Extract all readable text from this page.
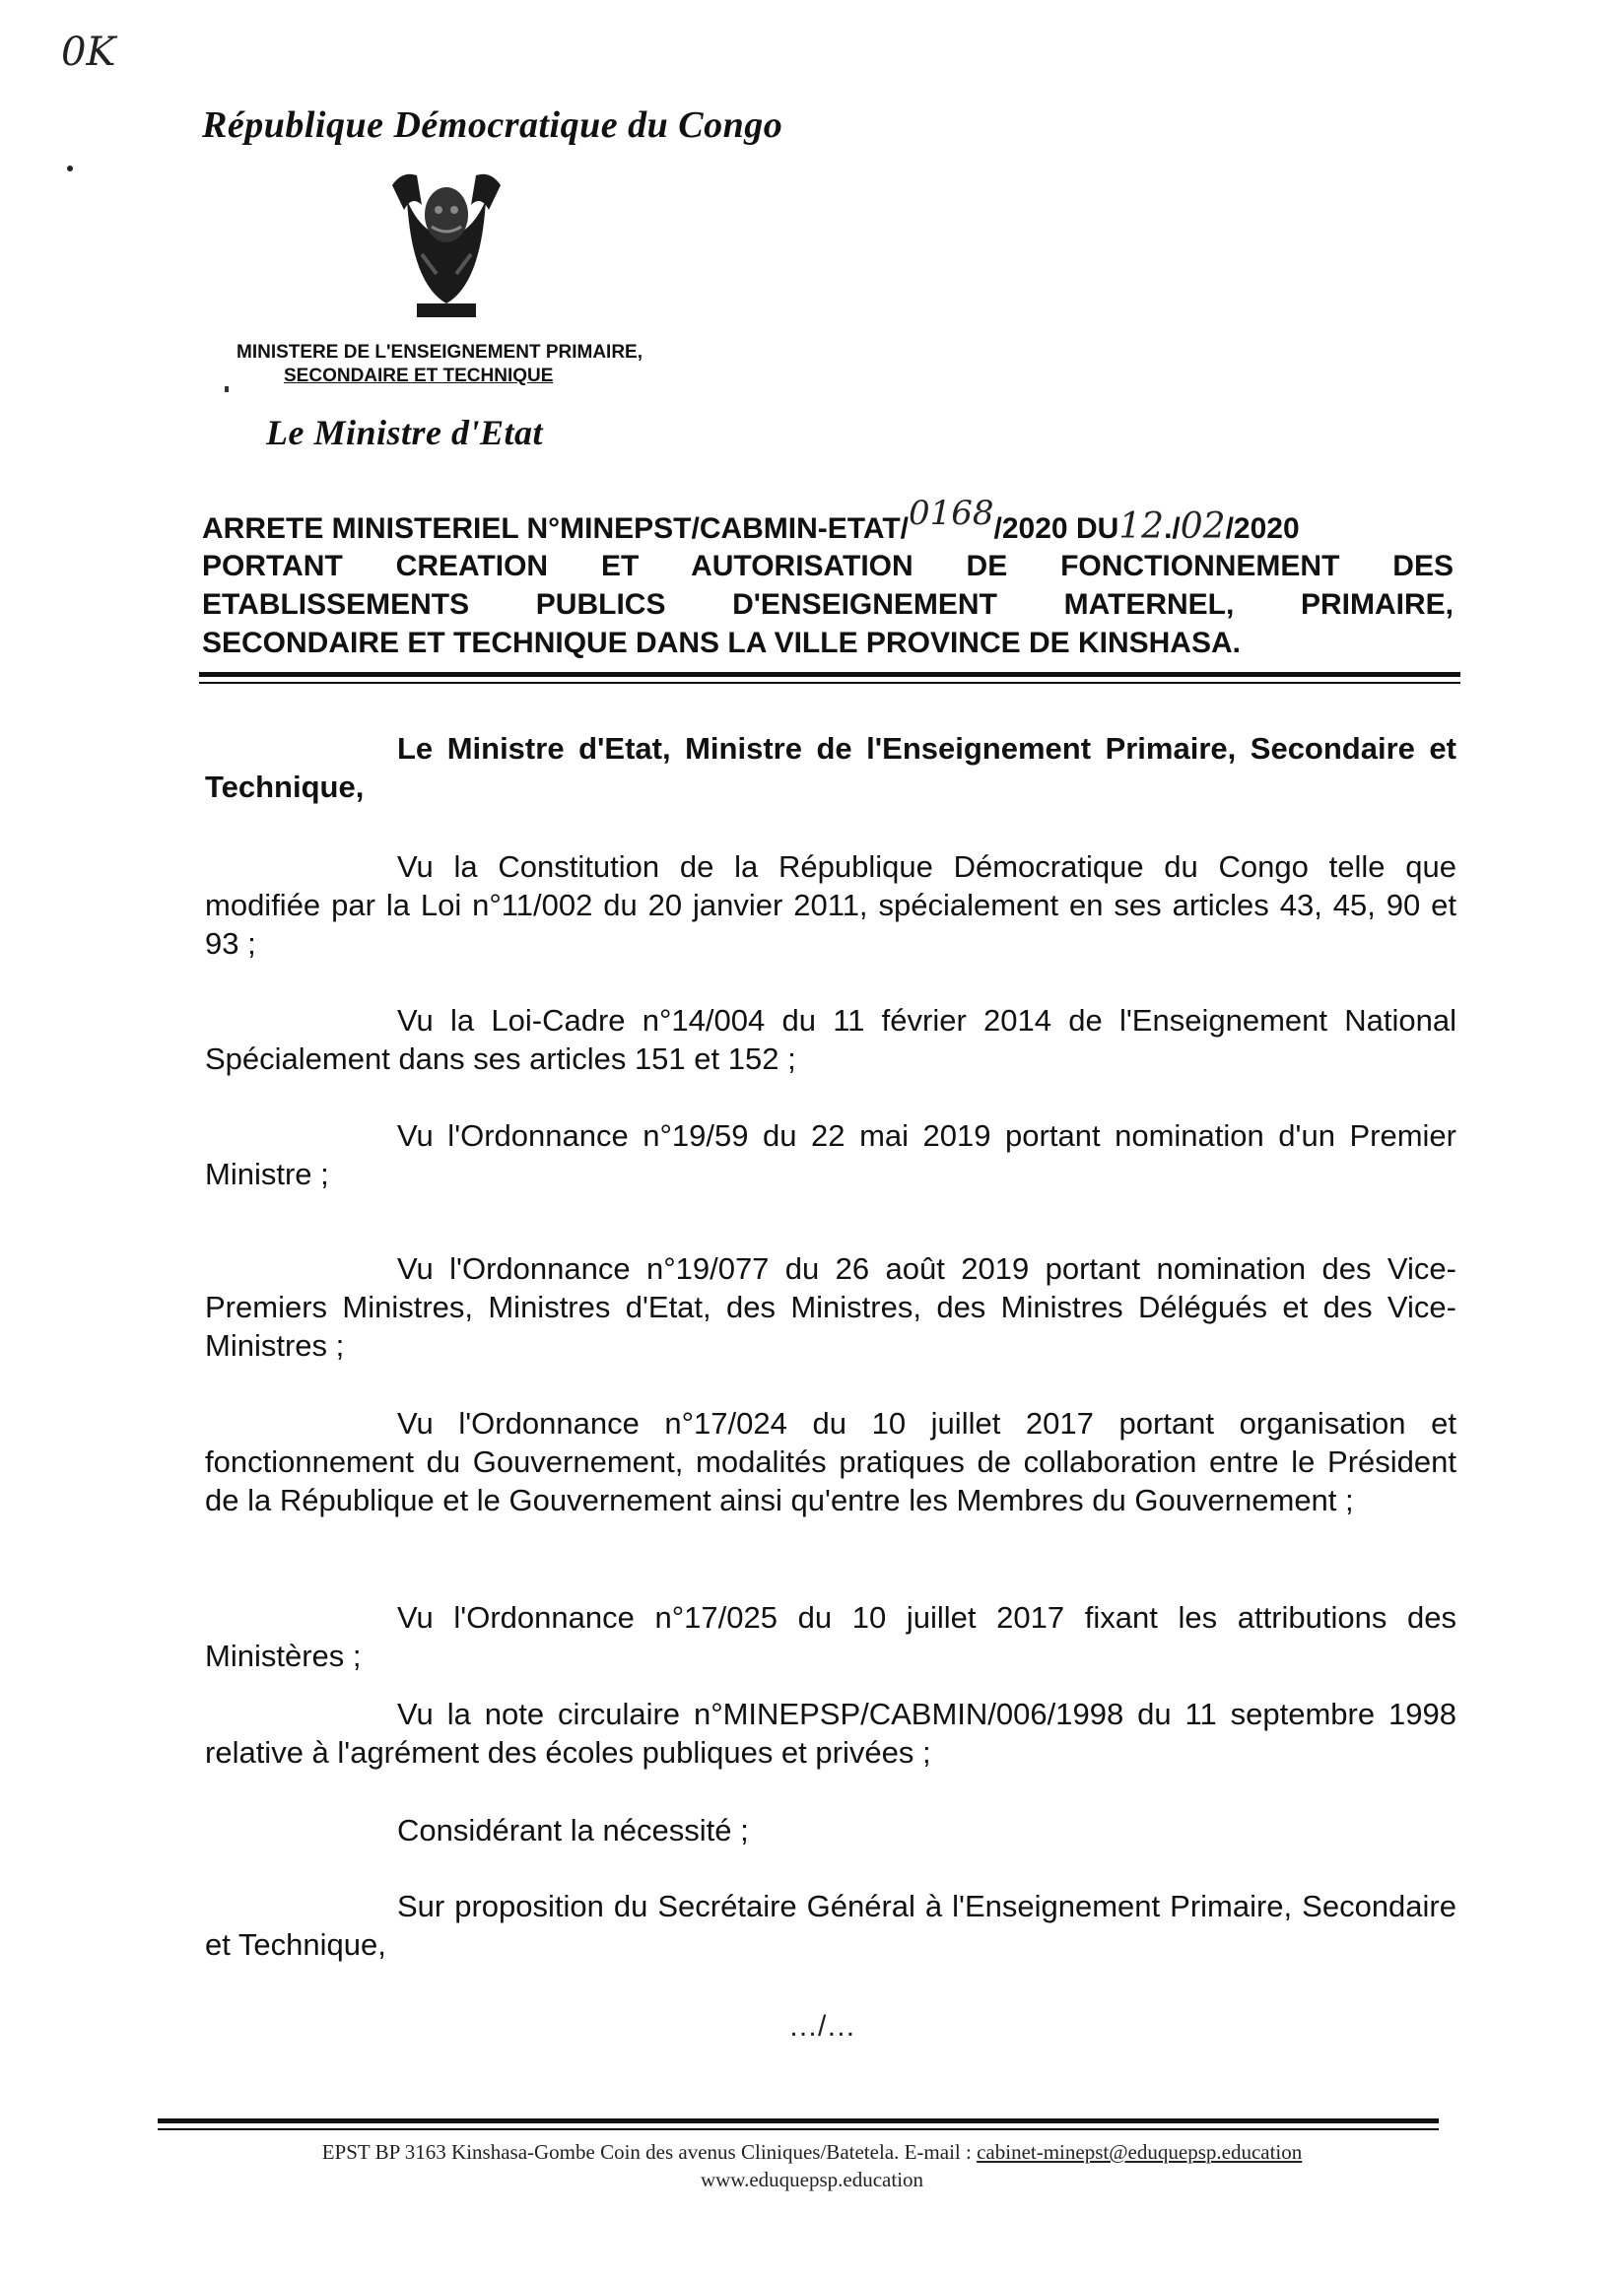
0K
République Démocratique du Congo
MINISTERE DE L'ENSEIGNEMENT PRIMAIRE,
SECONDAIRE ET TECHNIQUE
Le Ministre d'Etat
ARRETE MINISTERIEL N°MINEPST/CABMIN-ETAT/0168/2020 DU12./02/2020
PORTANT CREATION ET AUTORISATION DE FONCTIONNEMENT DES
ETABLISSEMENTS PUBLICS D'ENSEIGNEMENT MATERNEL, PRIMAIRE,
SECONDAIRE ET TECHNIQUE DANS LA VILLE PROVINCE DE KINSHASA.
Le Ministre d'Etat, Ministre de l'Enseignement Primaire, Secondaire et Technique,
Vu la Constitution de la République Démocratique du Congo telle que modifiée par la Loi n°11/002 du 20 janvier 2011, spécialement en ses articles 43, 45, 90 et 93 ;
Vu la Loi-Cadre n°14/004 du 11 février 2014 de l'Enseignement National Spécialement dans ses articles 151 et 152 ;
Vu l'Ordonnance n°19/59 du 22 mai 2019 portant nomination d'un Premier Ministre ;
Vu l'Ordonnance n°19/077 du 26 août 2019 portant nomination des Vice-Premiers Ministres, Ministres d'Etat, des Ministres, des Ministres Délégués et des Vice-Ministres ;
Vu l'Ordonnance n°17/024 du 10 juillet 2017 portant organisation et fonctionnement du Gouvernement, modalités pratiques de collaboration entre le Président de la République et le Gouvernement ainsi qu'entre les Membres du Gouvernement ;
Vu l'Ordonnance n°17/025 du 10 juillet 2017 fixant les attributions des Ministères ;
Vu la note circulaire n°MINEPSP/CABMIN/006/1998 du 11 septembre 1998 relative à l'agrément des écoles publiques et privées ;
Considérant la nécessité ;
Sur proposition du Secrétaire Général à l'Enseignement Primaire, Secondaire et Technique,
…/…
EPST BP 3163 Kinshasa-Gombe Coin des avenus Cliniques/Batetela. E-mail : cabinet-minepst@eduquepsp.education
www.eduquepsp.education
